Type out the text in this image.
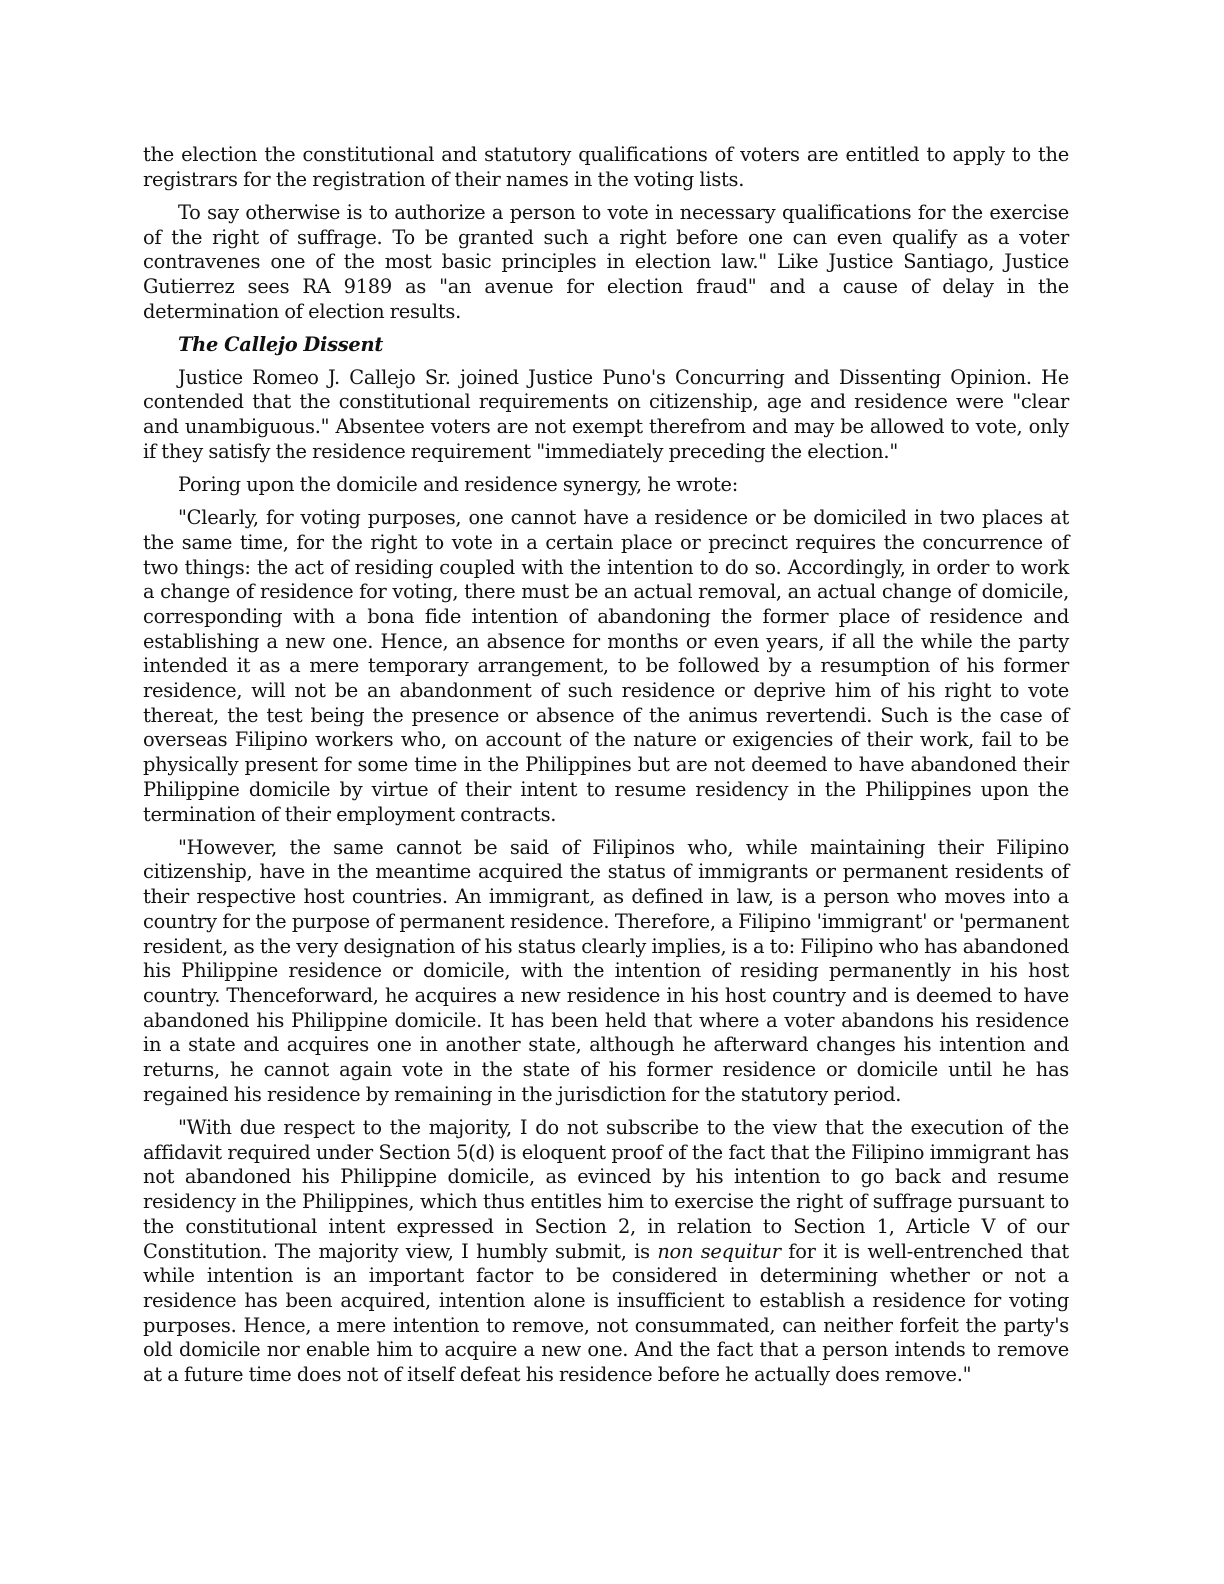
the election the constitutional and statutory qualifications of voters are entitled to apply to the registrars for the registration of their names in the voting lists.

To say otherwise is to authorize a person to vote in necessary qualifications for the exercise of the right of suffrage. To be granted such a right before one can even qualify as a voter contravenes one of the most basic principles in election law." Like Justice Santiago, Justice Gutierrez sees RA 9189 as "an avenue for election fraud" and a cause of delay in the determination of election results.

The Callejo Dissent

Justice Romeo J. Callejo Sr. joined Justice Puno's Concurring and Dissenting Opinion. He contended that the constitutional requirements on citizenship, age and residence were "clear and unambiguous." Absentee voters are not exempt therefrom and may be allowed to vote, only if they satisfy the residence requirement "immediately preceding the election."

Poring upon the domicile and residence synergy, he wrote:

"Clearly, for voting purposes, one cannot have a residence or be domiciled in two places at the same time, for the right to vote in a certain place or precinct requires the concurrence of two things: the act of residing coupled with the intention to do so. Accordingly, in order to work a change of residence for voting, there must be an actual removal, an actual change of domicile, corresponding with a bona fide intention of abandoning the former place of residence and establishing a new one. Hence, an absence for months or even years, if all the while the party intended it as a mere temporary arrangement, to be followed by a resumption of his former residence, will not be an abandonment of such residence or deprive him of his right to vote thereat, the test being the presence or absence of the animus revertendi. Such is the case of overseas Filipino workers who, on account of the nature or exigencies of their work, fail to be physically present for some time in the Philippines but are not deemed to have abandoned their Philippine domicile by virtue of their intent to resume residency in the Philippines upon the termination of their employment contracts.

"However, the same cannot be said of Filipinos who, while maintaining their Filipino citizenship, have in the meantime acquired the status of immigrants or permanent residents of their respective host countries. An immigrant, as defined in law, is a person who moves into a country for the purpose of permanent residence. Therefore, a Filipino 'immigrant' or 'permanent resident, as the very designation of his status clearly implies, is a to: Filipino who has abandoned his Philippine residence or domicile, with the intention of residing permanently in his host country. Thenceforward, he acquires a new residence in his host country and is deemed to have abandoned his Philippine domicile. It has been held that where a voter abandons his residence in a state and acquires one in another state, although he afterward changes his intention and returns, he cannot again vote in the state of his former residence or domicile until he has regained his residence by remaining in the jurisdiction for the statutory period.

"With due respect to the majority, I do not subscribe to the view that the execution of the affidavit required under Section 5(d) is eloquent proof of the fact that the Filipino immigrant has not abandoned his Philippine domicile, as evinced by his intention to go back and resume residency in the Philippines, which thus entitles him to exercise the right of suffrage pursuant to the constitutional intent expressed in Section 2, in relation to Section 1, Article V of our Constitution. The majority view, I humbly submit, is non sequitur for it is well-entrenched that while intention is an important factor to be considered in determining whether or not a residence has been acquired, intention alone is insufficient to establish a residence for voting purposes. Hence, a mere intention to remove, not consummated, can neither forfeit the party's old domicile nor enable him to acquire a new one. And the fact that a person intends to remove at a future time does not of itself defeat his residence before he actually does remove."
